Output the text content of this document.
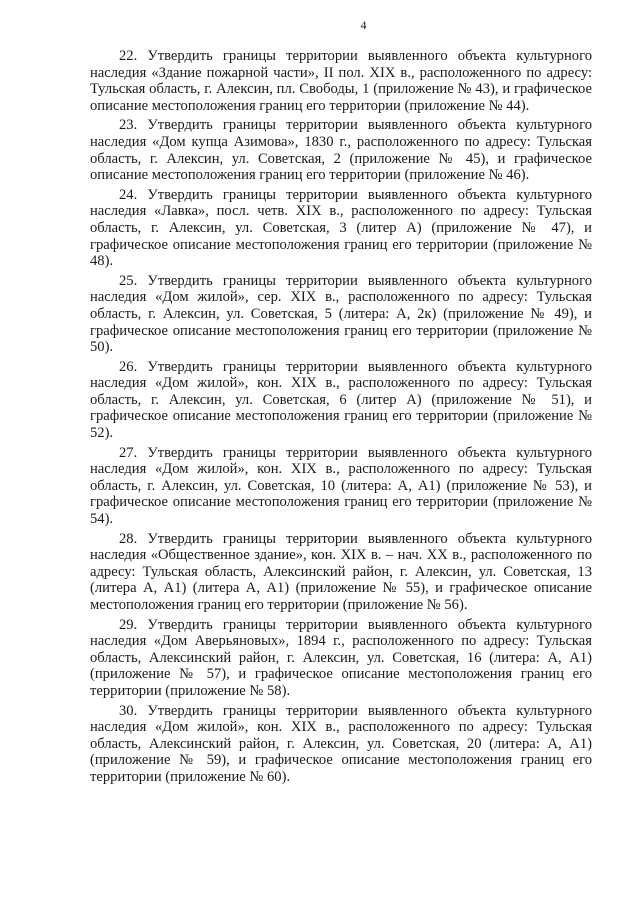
4

22. Утвердить границы территории выявленного объекта культурного наследия «Здание пожарной части», II пол. XIX в., расположенного по адресу: Тульская область, г. Алексин, пл. Свободы, 1 (приложение № 43), и графическое описание местоположения границ его территории (приложение № 44).

23. Утвердить границы территории выявленного объекта культурного наследия «Дом купца Азимова», 1830 г., расположенного по адресу: Тульская область, г. Алексин, ул. Советская, 2 (приложение № 45), и графическое описание местоположения границ его территории (приложение № 46).

24. Утвердить границы территории выявленного объекта культурного наследия «Лавка», посл. четв. XIX в., расположенного по адресу: Тульская область, г. Алексин, ул. Советская, 3 (литер А) (приложение № 47), и графическое описание местоположения границ его территории (приложение № 48).

25. Утвердить границы территории выявленного объекта культурного наследия «Дом жилой», сер. XIX в., расположенного по адресу: Тульская область, г. Алексин, ул. Советская, 5 (литера: А, 2к) (приложение № 49), и графическое описание местоположения границ его территории (приложение № 50).

26. Утвердить границы территории выявленного объекта культурного наследия «Дом жилой», кон. XIX в., расположенного по адресу: Тульская область, г. Алексин, ул. Советская, 6 (литер А) (приложение № 51), и графическое описание местоположения границ его территории (приложение № 52).

27. Утвердить границы территории выявленного объекта культурного наследия «Дом жилой», кон. XIX в., расположенного по адресу: Тульская область, г. Алексин, ул. Советская, 10 (литера: А, А1) (приложение № 53), и графическое описание местоположения границ его территории (приложение № 54).

28. Утвердить границы территории выявленного объекта культурного наследия «Общественное здание», кон. XIX в. – нач. XX в., расположенного по адресу: Тульская область, Алексинский район, г. Алексин, ул. Советская, 13 (литера А, А1) (литера А, А1) (приложение № 55), и графическое описание местоположения границ его территории (приложение № 56).

29. Утвердить границы территории выявленного объекта культурного наследия «Дом Аверьяновых», 1894 г., расположенного по адресу: Тульская область, Алексинский район, г. Алексин, ул. Советская, 16 (литера: А, А1) (приложение № 57), и графическое описание местоположения границ его территории (приложение № 58).

30. Утвердить границы территории выявленного объекта культурного наследия «Дом жилой», кон. XIX в., расположенного по адресу: Тульская область, Алексинский район, г. Алексин, ул. Советская, 20 (литера: А, А1) (приложение № 59), и графическое описание местоположения границ его территории (приложение № 60).
